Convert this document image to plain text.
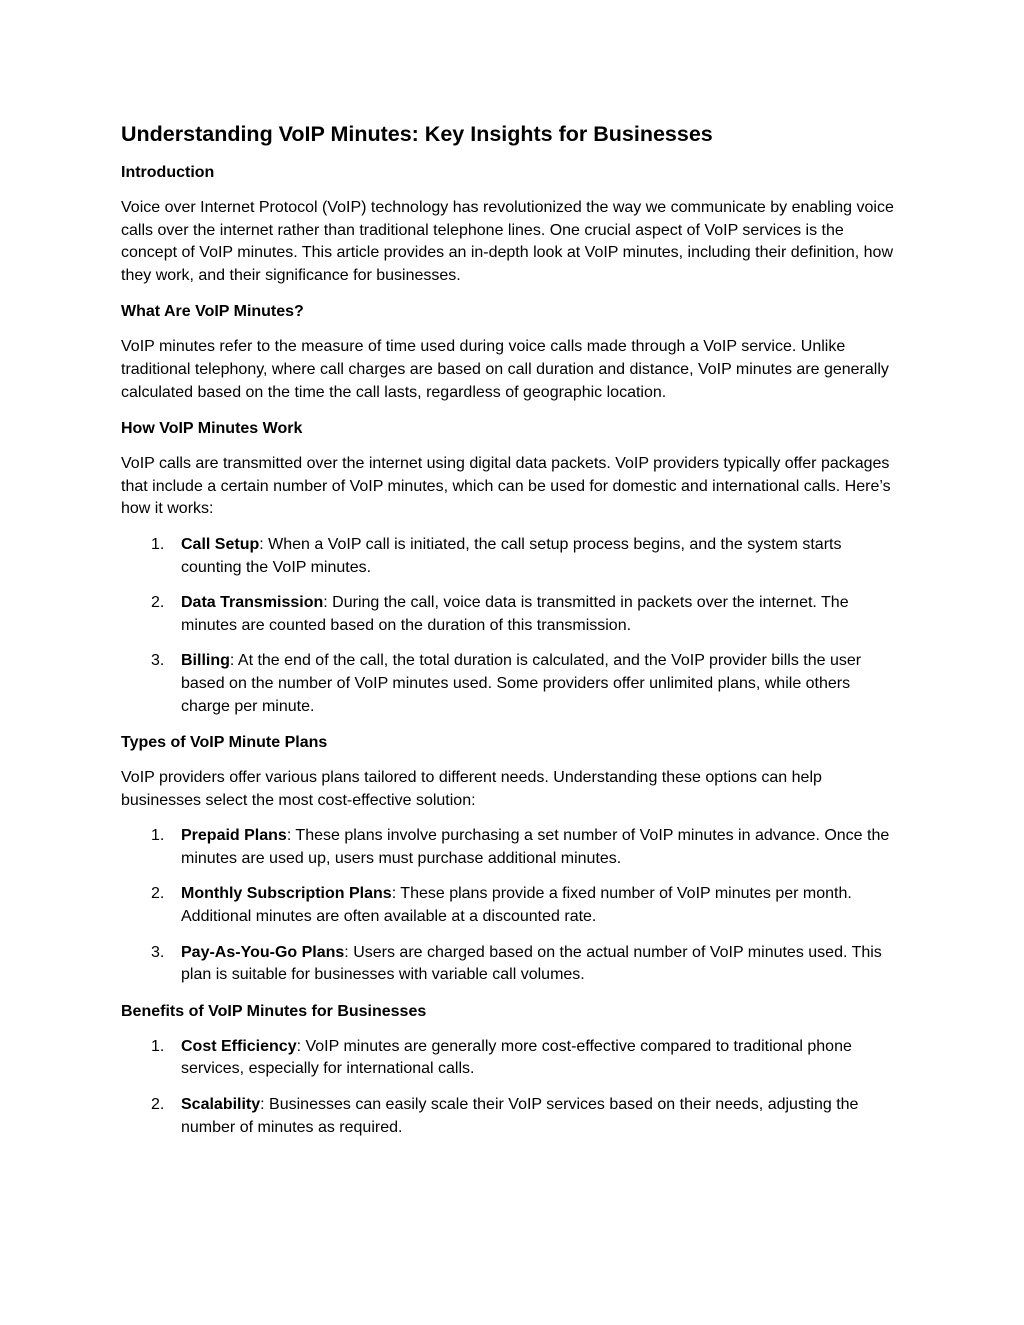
Understanding VoIP Minutes: Key Insights for Businesses
Introduction

Voice over Internet Protocol (VoIP) technology has revolutionized the way we communicate by enabling voice calls over the internet rather than traditional telephone lines. One crucial aspect of VoIP services is the concept of VoIP minutes. This article provides an in-depth look at VoIP minutes, including their definition, how they work, and their significance for businesses.

What Are VoIP Minutes?

VoIP minutes refer to the measure of time used during voice calls made through a VoIP service. Unlike traditional telephony, where call charges are based on call duration and distance, VoIP minutes are generally calculated based on the time the call lasts, regardless of geographic location.

How VoIP Minutes Work

VoIP calls are transmitted over the internet using digital data packets. VoIP providers typically offer packages that include a certain number of VoIP minutes, which can be used for domestic and international calls. Here’s how it works:

1. Call Setup: When a VoIP call is initiated, the call setup process begins, and the system starts counting the VoIP minutes.
2. Data Transmission: During the call, voice data is transmitted in packets over the internet. The minutes are counted based on the duration of this transmission.
3. Billing: At the end of the call, the total duration is calculated, and the VoIP provider bills the user based on the number of VoIP minutes used. Some providers offer unlimited plans, while others charge per minute.
Types of VoIP Minute Plans

VoIP providers offer various plans tailored to different needs. Understanding these options can help businesses select the most cost-effective solution:

1. Prepaid Plans: These plans involve purchasing a set number of VoIP minutes in advance. Once the minutes are used up, users must purchase additional minutes.
2. Monthly Subscription Plans: These plans provide a fixed number of VoIP minutes per month. Additional minutes are often available at a discounted rate.
3. Pay-As-You-Go Plans: Users are charged based on the actual number of VoIP minutes used. This plan is suitable for businesses with variable call volumes.
Benefits of VoIP Minutes for Businesses
1. Cost Efficiency: VoIP minutes are generally more cost-effective compared to traditional phone services, especially for international calls.
2. Scalability: Businesses can easily scale their VoIP services based on their needs, adjusting the number of minutes as required.
